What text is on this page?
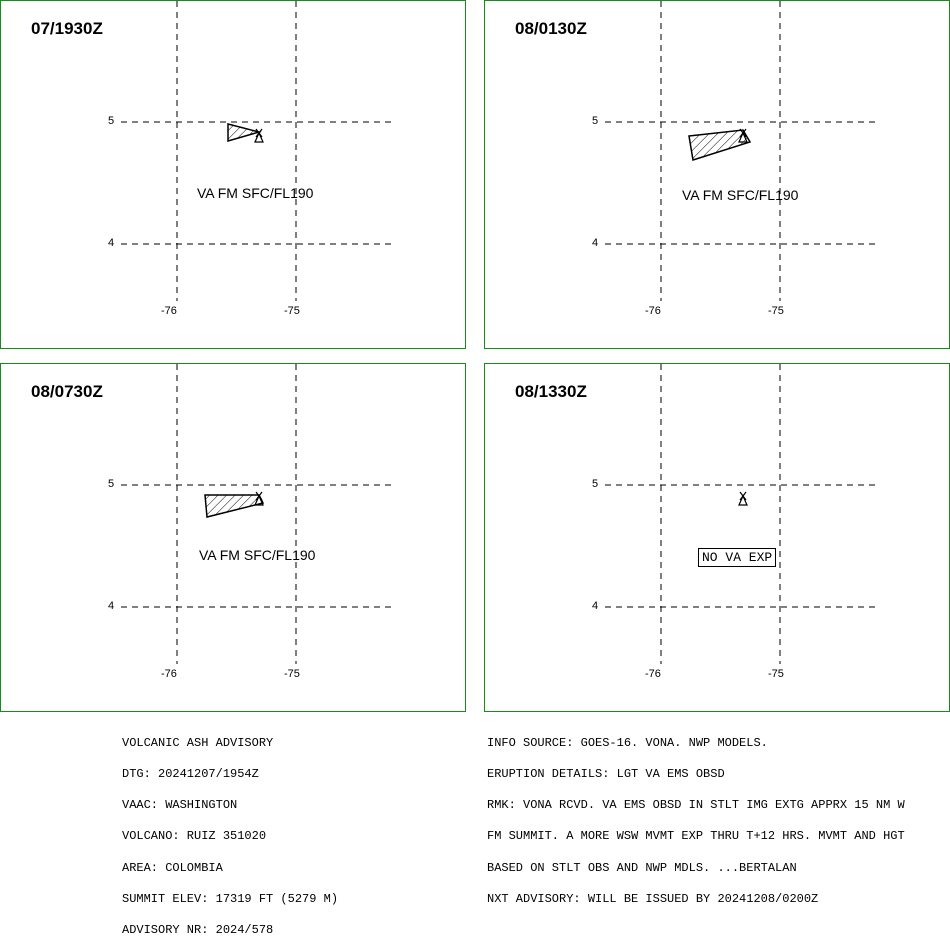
07/1930Z
5
4
-76	-75
VA FM SFC/FL190
08/0130Z
5
4
-76	-75
VA FM SFC/FL190
08/0730Z
5
4
-76	-75
VA FM SFC/FL190
08/1330Z
5
4
-76	-75
NO VA EXP

VOLCANIC ASH ADVISORY

DTG: 20241207/1954Z

VAAC: WASHINGTON

VOLCANO: RUIZ 351020

AREA: COLOMBIA

SUMMIT ELEV: 17319 FT (5279 M)

ADVISORY NR: 2024/578

INFO SOURCE: GOES-16. VONA. NWP MODELS.

ERUPTION DETAILS: LGT VA EMS OBSD

RMK: VONA RCVD. VA EMS OBSD IN STLT IMG EXTG APPRX 15 NM W

FM SUMMIT. A MORE WSW MVMT EXP THRU T+12 HRS. MVMT AND HGT

BASED ON STLT OBS AND NWP MDLS. ...BERTALAN

NXT ADVISORY: WILL BE ISSUED BY 20241208/0200Z
